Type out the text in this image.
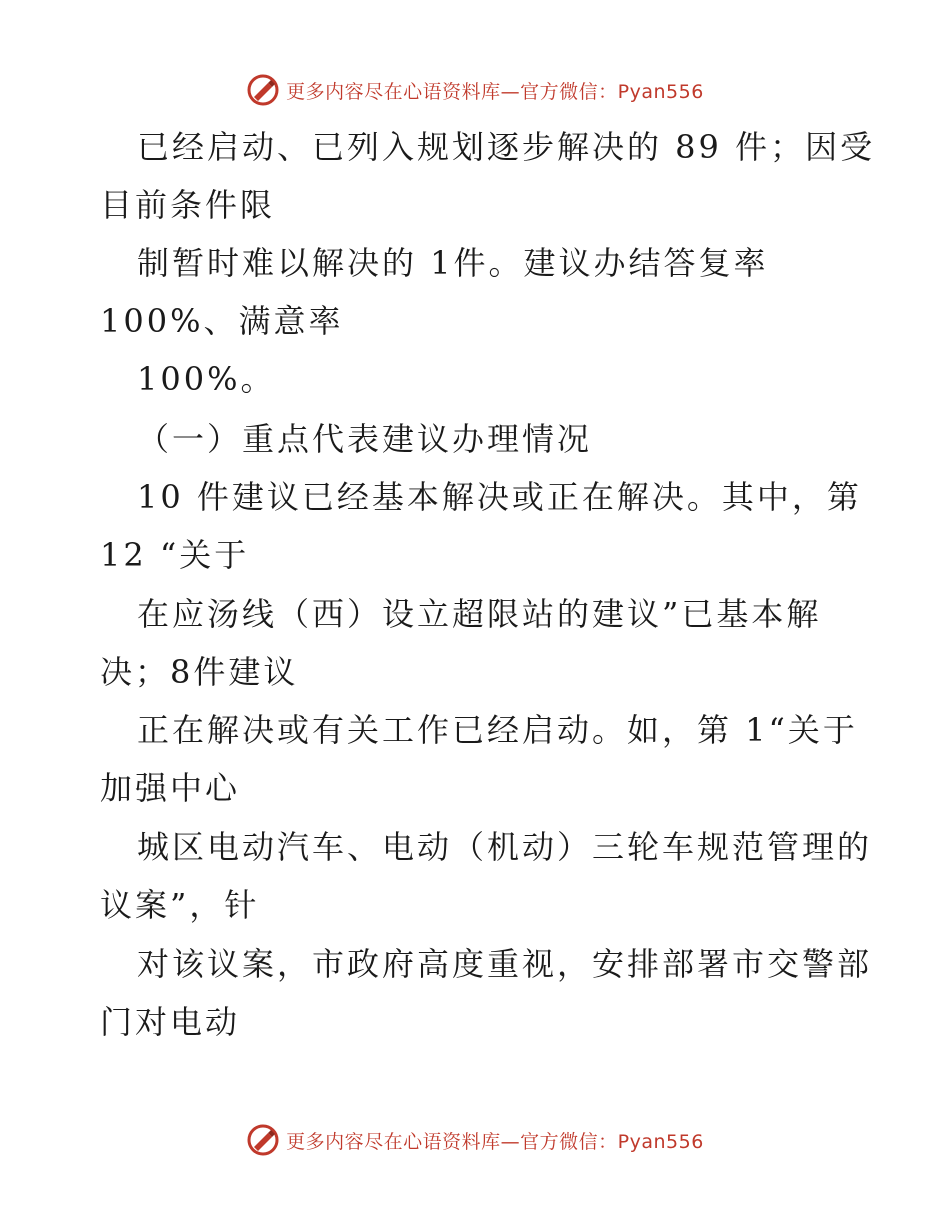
更多内容尽在心语资料库—官方微信：Pyan556
已经启动、已列入规划逐步解决的 89 件；因受
目前条件限
制暂时难以解决的 1件。建议办结答复率
100%、满意率
100%。
（一）重点代表建议办理情况
10 件建议已经基本解决或正在解决。其中，第
12 “关于
在应汤线（西）设立超限站的建议”已基本解
决；8件建议
正在解决或有关工作已经启动。如，第 1“关于
加强中心
城区电动汽车、电动（机动）三轮车规范管理的
议案”，针
对该议案，市政府高度重视，安排部署市交警部
门对电动
更多内容尽在心语资料库—官方微信：Pyan556
